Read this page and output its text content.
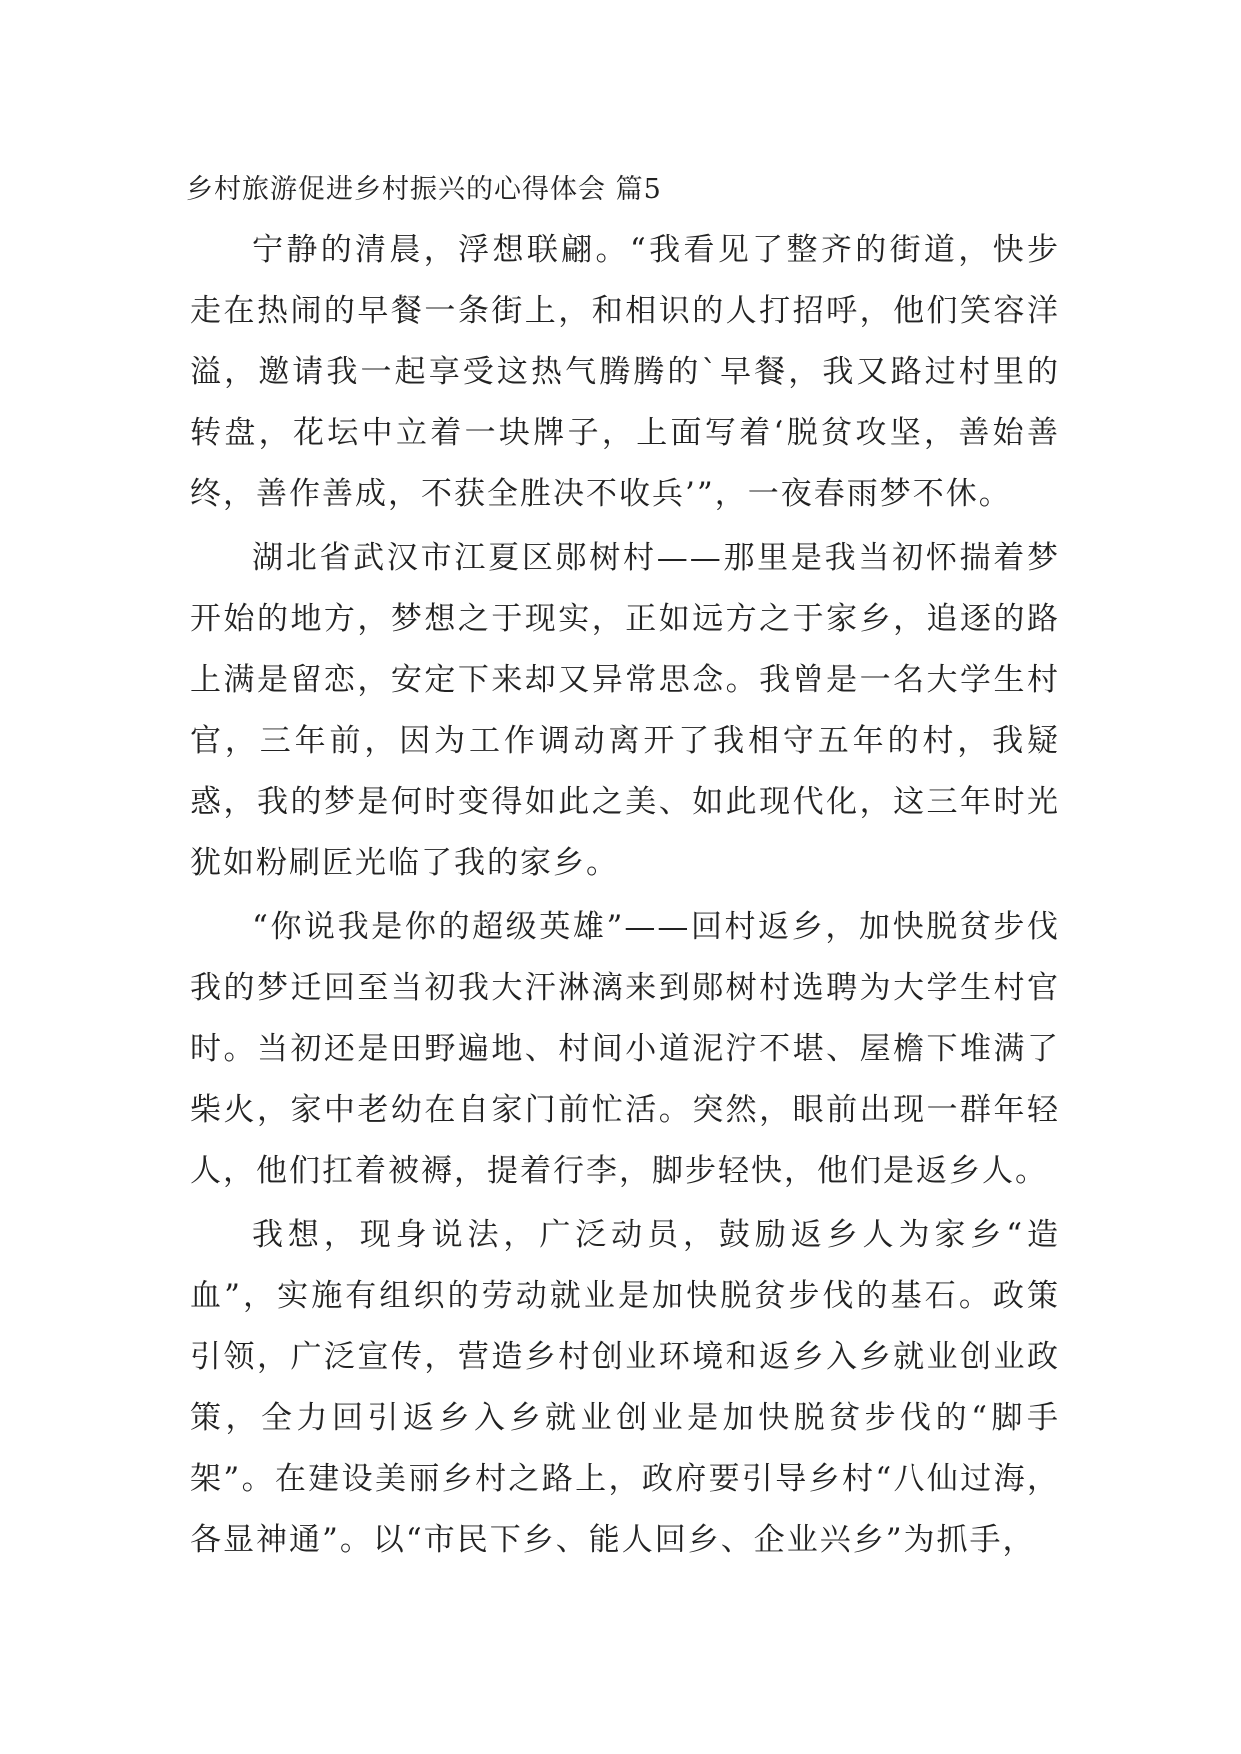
乡村旅游促进乡村振兴的心得体会 篇5

宁静的清晨，浮想联翩。“我看见了整齐的街道，快步走在热闹的早餐一条街上，和相识的人打招呼，他们笑容洋溢，邀请我一起享受这热气腾腾的`早餐，我又路过村里的转盘，花坛中立着一块牌子，上面写着‘脱贫攻坚，善始善终，善作善成，不获全胜决不收兵’”，一夜春雨梦不休。

湖北省武汉市江夏区郧树村——那里是我当初怀揣着梦开始的地方，梦想之于现实，正如远方之于家乡，追逐的路上满是留恋，安定下来却又异常思念。我曾是一名大学生村官，三年前，因为工作调动离开了我相守五年的村，我疑惑，我的梦是何时变得如此之美、如此现代化，这三年时光犹如粉刷匠光临了我的家乡。

“你说我是你的超级英雄”——回村返乡，加快脱贫步伐我的梦迁回至当初我大汗淋漓来到郧树村选聘为大学生村官时。当初还是田野遍地、村间小道泥泞不堪、屋檐下堆满了柴火，家中老幼在自家门前忙活。突然，眼前出现一群年轻人，他们扛着被褥，提着行李，脚步轻快，他们是返乡人。

我想，现身说法，广泛动员，鼓励返乡人为家乡“造血”，实施有组织的劳动就业是加快脱贫步伐的基石。政策引领，广泛宣传，营造乡村创业环境和返乡入乡就业创业政策，全力回引返乡入乡就业创业是加快脱贫步伐的“脚手架”。在建设美丽乡村之路上，政府要引导乡村“八仙过海，各显神通”。以“市民下乡、能人回乡、企业兴乡”为抓手，
